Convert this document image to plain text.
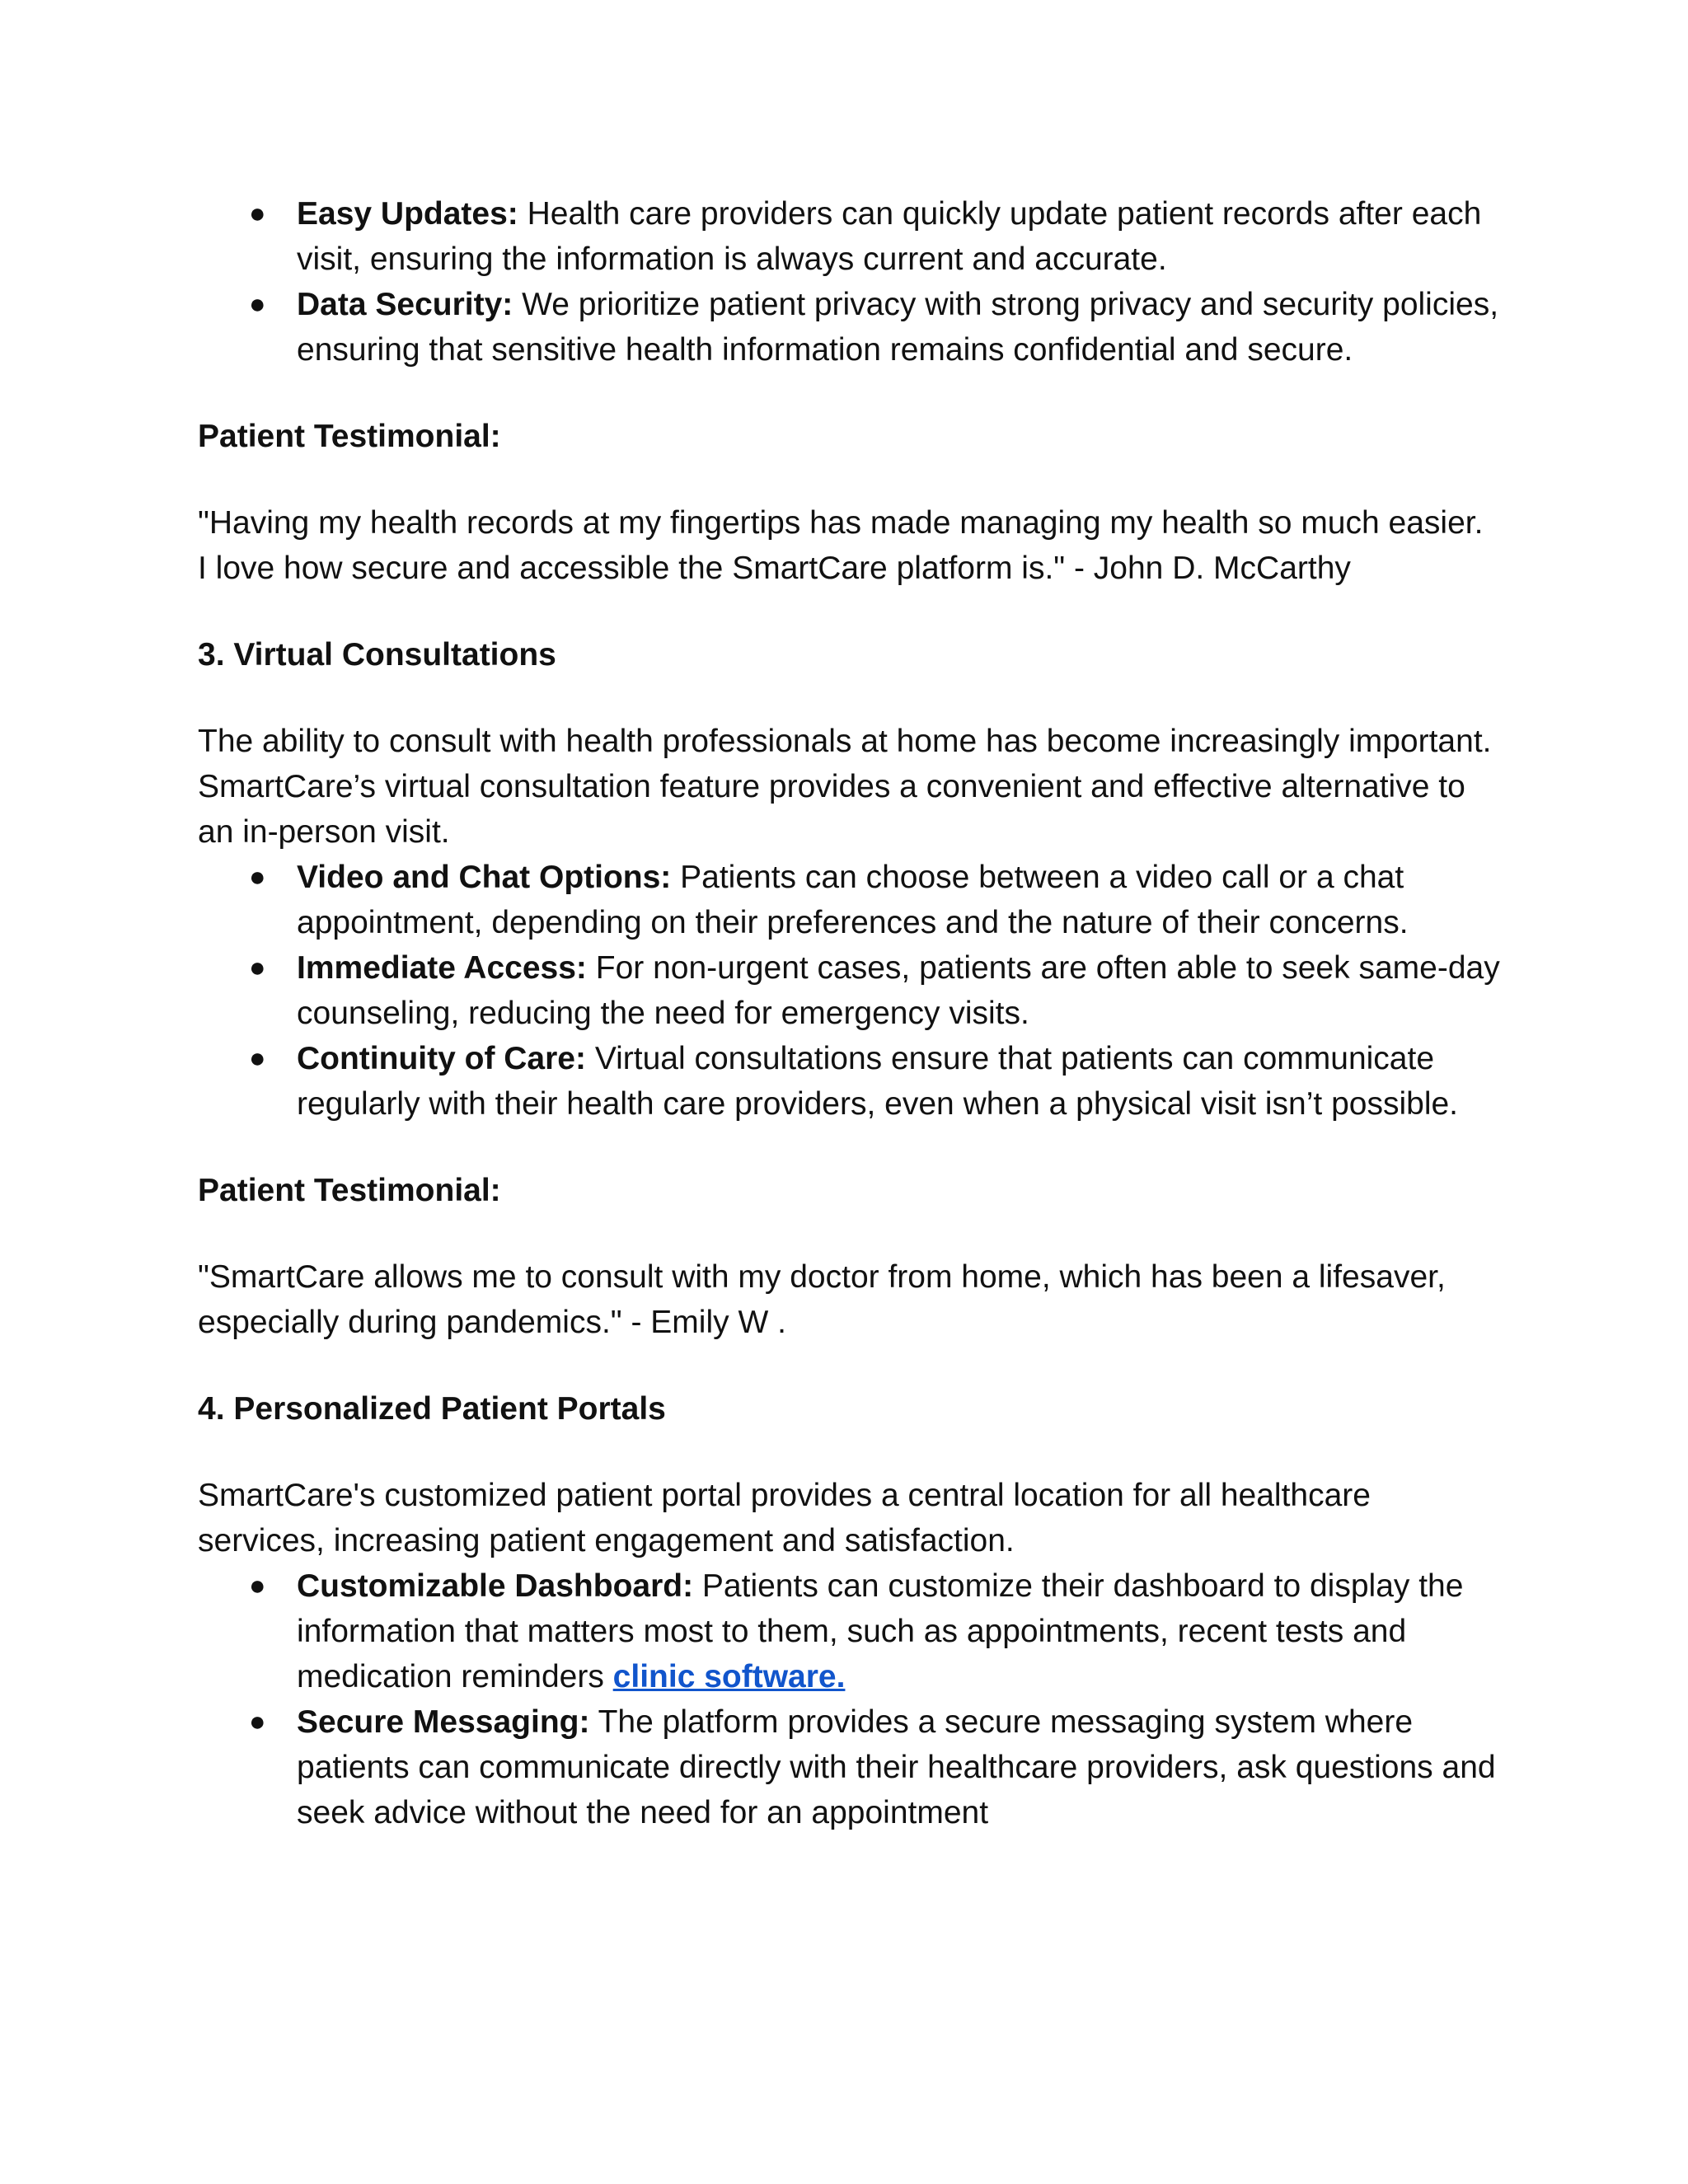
● Easy Updates: Health care providers can quickly update patient records after each visit, ensuring the information is always current and accurate.
● Data Security: We prioritize patient privacy with strong privacy and security policies, ensuring that sensitive health information remains confidential and secure.

Patient Testimonial:

"Having my health records at my fingertips has made managing my health so much easier. I love how secure and accessible the SmartCare platform is." - John D. McCarthy

3. Virtual Consultations

The ability to consult with health professionals at home has become increasingly important. SmartCare’s virtual consultation feature provides a convenient and effective alternative to an in-person visit.

● Video and Chat Options: Patients can choose between a video call or a chat appointment, depending on their preferences and the nature of their concerns.
● Immediate Access: For non-urgent cases, patients are often able to seek same-day counseling, reducing the need for emergency visits.
● Continuity of Care: Virtual consultations ensure that patients can communicate regularly with their health care providers, even when a physical visit isn’t possible.

Patient Testimonial:

"SmartCare allows me to consult with my doctor from home, which has been a lifesaver, especially during pandemics." - Emily W .

4. Personalized Patient Portals

SmartCare's customized patient portal provides a central location for all healthcare services, increasing patient engagement and satisfaction.

● Customizable Dashboard: Patients can customize their dashboard to display the information that matters most to them, such as appointments, recent tests and medication reminders clinic software.
● Secure Messaging: The platform provides a secure messaging system where patients can communicate directly with their healthcare providers, ask questions and seek advice without the need for an appointment
